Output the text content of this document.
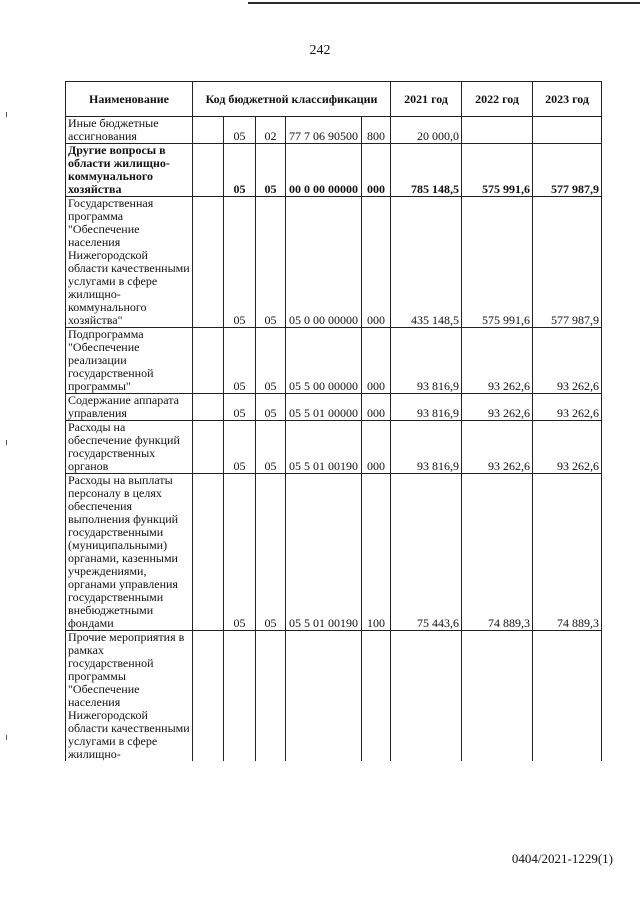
242
Наименование	Код бюджетной классификации					2021 год	2022 год	2023 год
Иные бюджетные ассигнования		05	02	77 7 06 90500	800	20 000,0		
Другие вопросы в области жилищно-коммунального хозяйства		05	05	00 0 00 00000	000	785 148,5	575 991,6	577 987,9
Государственная программа "Обеспечение населения Нижегородской области качественными услугами в сфере жилищно-коммунального хозяйства"		05	05	05 0 00 00000	000	435 148,5	575 991,6	577 987,9
Подпрограмма "Обеспечение реализации государственной программы"		05	05	05 5 00 00000	000	93 816,9	93 262,6	93 262,6
Содержание аппарата управления		05	05	05 5 01 00000	000	93 816,9	93 262,6	93 262,6
Расходы на обеспечение функций государственных органов		05	05	05 5 01 00190	000	93 816,9	93 262,6	93 262,6
Расходы на выплаты персоналу в целях обеспечения выполнения функций государственными (муниципальными) органами, казенными учреждениями, органами управления государственными внебюджетными фондами		05	05	05 5 01 00190	100	75 443,6	74 889,3	74 889,3
Прочие мероприятия в рамках государственной программы "Обеспечение населения Нижегородской области качественными услугами в сфере жилищно-								
0404/2021-1229(1)
